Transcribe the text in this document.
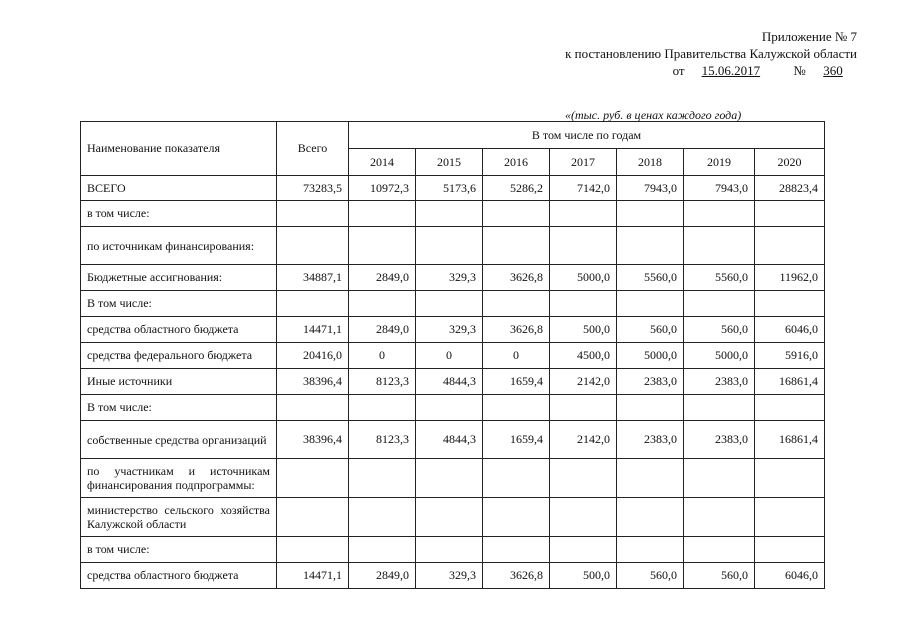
Приложение № 7
к постановлению Правительства Калужской области
от 15.06.2017	№ 360
«(тыс. руб. в ценах каждого года)
Наименование показателя	Всего	В том числе по годам						
		2014	2015	2016	2017	2018	2019	2020
ВСЕГО	73283,5	10972,3	5173,6	5286,2	7142,0	7943,0	7943,0	28823,4
в том числе:								
по источникам финансирования:								
Бюджетные ассигнования:	34887,1	2849,0	329,3	3626,8	5000,0	5560,0	5560,0	11962,0
В том числе:								
средства областного бюджета	14471,1	2849,0	329,3	3626,8	500,0	560,0	560,0	6046,0
средства федерального бюджета	20416,0	0	0	0	4500,0	5000,0	5000,0	5916,0
Иные источники	38396,4	8123,3	4844,3	1659,4	2142,0	2383,0	2383,0	16861,4
В том числе:								
собственные средства организаций	38396,4	8123,3	4844,3	1659,4	2142,0	2383,0	2383,0	16861,4
по участникам и источникам финансирования подпрограммы:								
министерство сельского хозяйства Калужской области								
в том числе:								
средства областного бюджета	14471,1	2849,0	329,3	3626,8	500,0	560,0	560,0	6046,0
